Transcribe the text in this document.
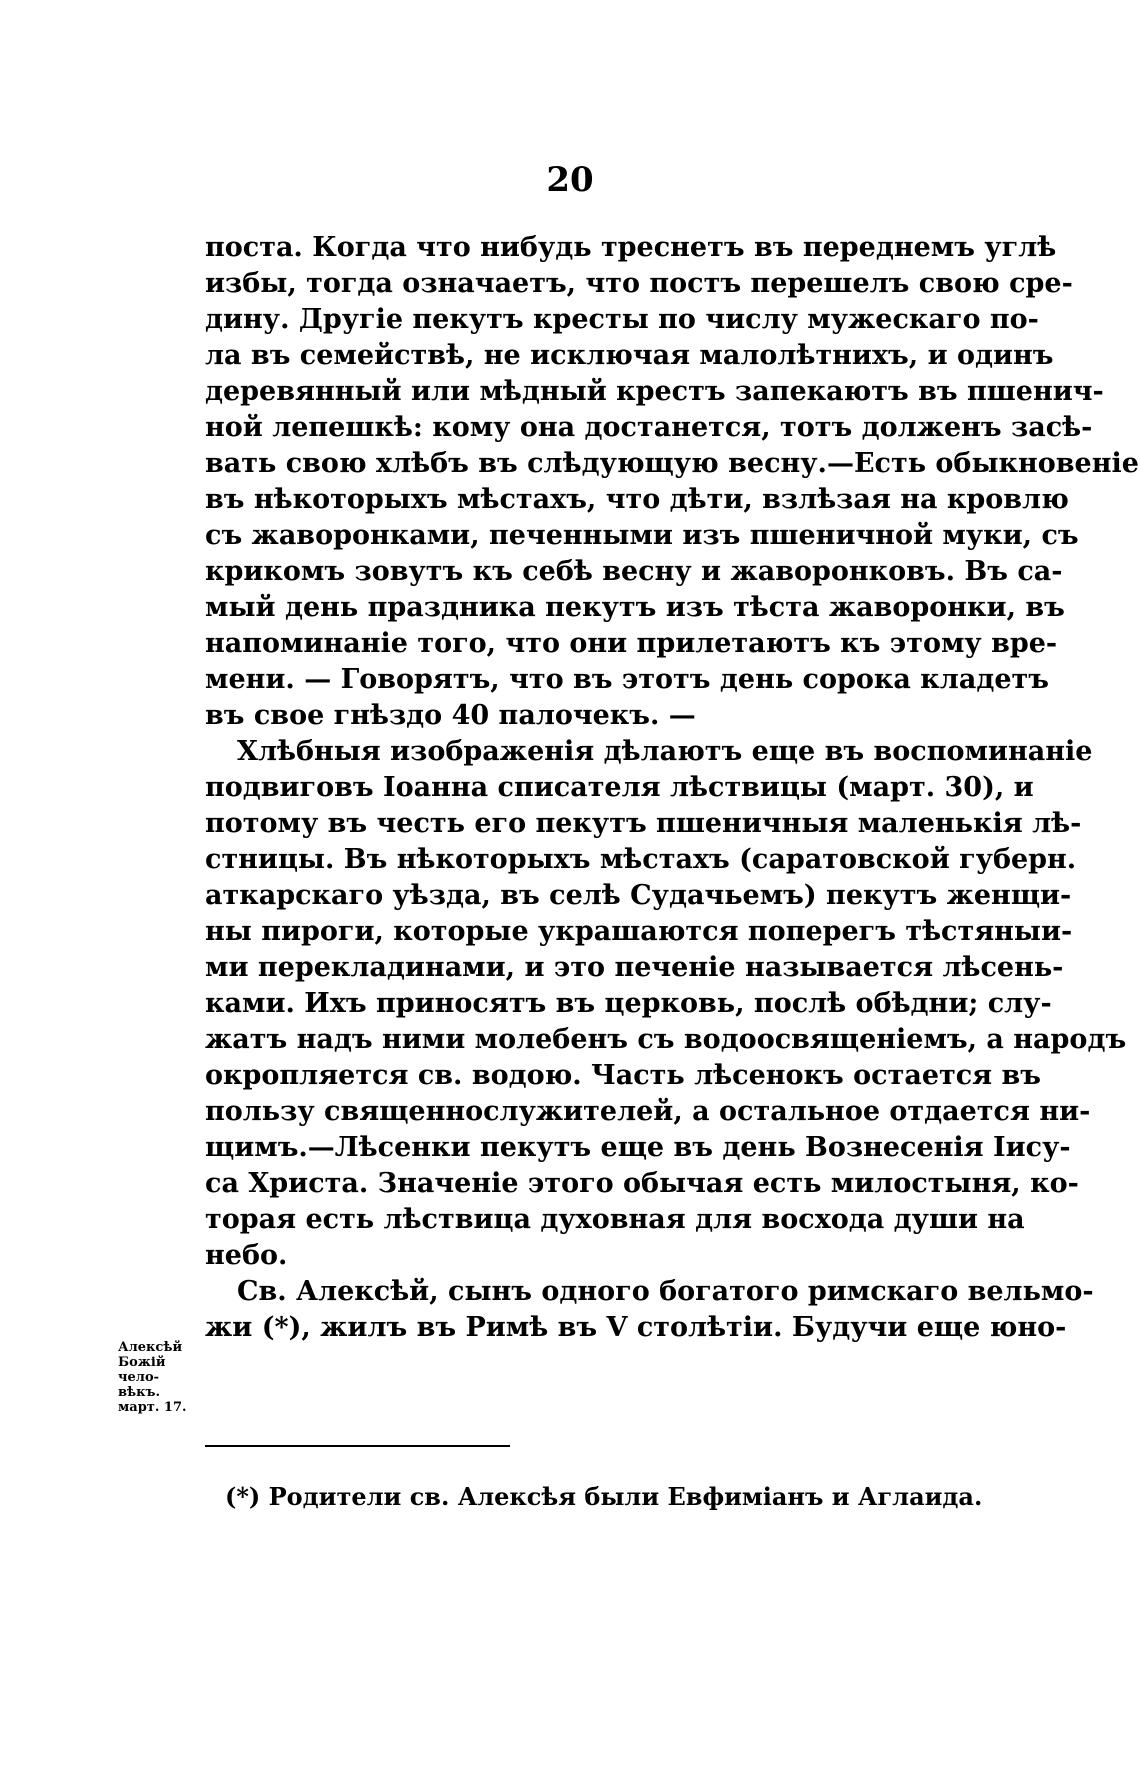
20
поста. Когда что нибудь треснетъ въ переднемъ углѣ
избы, тогда означаетъ, что постъ перешелъ свою сре-
дину. Другіе пекутъ кресты по числу мужескаго по-
ла въ семействѣ, не исключая малолѣтнихъ, и одинъ
деревянный или мѣдный крестъ запекаютъ въ пшенич-
ной лепешкѣ: кому она достанется, тотъ долженъ засѣ-
вать свою хлѣбъ въ слѣдующую весну.—Есть обыкновеніе
въ нѣкоторыхъ мѣстахъ, что дѣти, взлѣзая на кровлю
съ жаворонками, печенными изъ пшеничной муки, съ
крикомъ зовутъ къ себѣ весну и жаворонковъ. Въ са-
мый день праздника пекутъ изъ тѣста жаворонки, въ
напоминаніе того, что они прилетаютъ къ этому вре-
мени. — Говорятъ, что въ этотъ день сорока кладетъ
въ свое гнѣздо 40 палочекъ. —
Хлѣбныя изображенія дѣлаютъ еще въ воспоминаніе
подвиговъ Іоанна списателя лѣствицы (март. 30), и
потому въ честь его пекутъ пшеничныя маленькія лѣ-
стницы. Въ нѣкоторыхъ мѣстахъ (саратовской губерн.
аткарскаго уѣзда, въ селѣ Судачьемъ) пекутъ женщи-
ны пироги, которые украшаются поперегъ тѣстяныи-
ми перекладинами, и это печеніе называется лѣсень-
ками. Ихъ приносятъ въ церковь, послѣ обѣдни; слу-
жатъ надъ ними молебенъ съ водоосвященіемъ, а народъ
окропляется св. водою. Часть лѣсенокъ остается въ
пользу священнослужителей, а остальное отдается ни-
щимъ.—Лѣсенки пекутъ еще въ день Вознесенія Іису-
са Христа. Значеніе этого обычая есть милостыня, ко-
торая есть лѣствица духовная для восхода души на
небо.
Св. Алексѣй, сынъ одного богатого римскаго вельмо-
жи (*), жилъ въ Римѣ въ V столѣтіи. Будучи еще юно-
Алексѣй
Божій
чело-
вѣкъ.
март. 17.
(*) Родители св. Алексѣя были Евфиміанъ и Аглаида.
